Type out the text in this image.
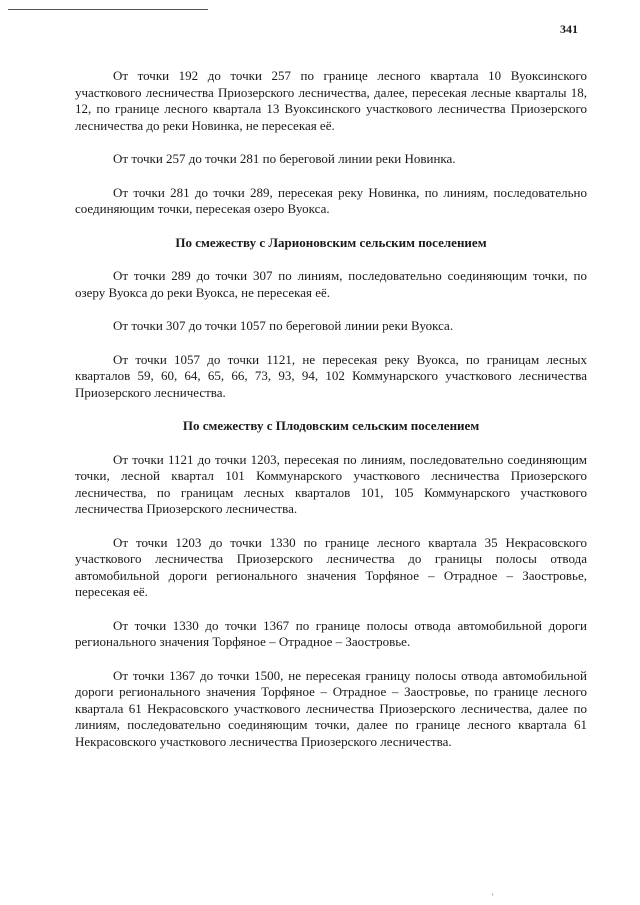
341

От точки 192 до точки 257 по границе лесного квартала 10 Вуоксинского участкового лесничества Приозерского лесничества, далее, пересекая лесные кварталы 18, 12, по границе лесного квартала 13 Вуоксинского участкового лесничества Приозерского лесничества до реки Новинка, не пересекая её.

От точки 257 до точки 281 по береговой линии реки Новинка.

От точки 281 до точки 289, пересекая реку Новинка, по линиям, последовательно соединяющим точки, пересекая озеро Вуокса.

По смежеству с Ларионовским сельским поселением

От точки 289 до точки 307 по линиям, последовательно соединяющим точки, по озеру Вуокса до реки Вуокса, не пересекая её.

От точки 307 до точки 1057 по береговой линии реки Вуокса.

От точки 1057 до точки 1121, не пересекая реку Вуокса, по границам лесных кварталов 59, 60, 64, 65, 66, 73, 93, 94, 102 Коммунарского участкового лесничества Приозерского лесничества.

По смежеству с Плодовским сельским поселением

От точки 1121 до точки 1203, пересекая по линиям, последовательно соединяющим точки, лесной квартал 101 Коммунарского участкового лесничества Приозерского лесничества, по границам лесных кварталов 101, 105 Коммунарского участкового лесничества Приозерского лесничества.

От точки 1203 до точки 1330 по границе лесного квартала 35 Некрасовского участкового лесничества Приозерского лесничества до границы полосы отвода автомобильной дороги регионального значения Торфяное – Отрадное – Заостровье, пересекая её.

От точки 1330 до точки 1367 по границе полосы отвода автомобильной дороги регионального значения Торфяное – Отрадное – Заостровье.

От точки 1367 до точки 1500, не пересекая границу полосы отвода автомобильной дороги регионального значения Торфяное – Отрадное – Заостровье, по границе лесного квартала 61 Некрасовского участкового лесничества Приозерского лесничества, далее по линиям, последовательно соединяющим точки, далее по границе лесного квартала 61 Некрасовского участкового лесничества Приозерского лесничества.

'
